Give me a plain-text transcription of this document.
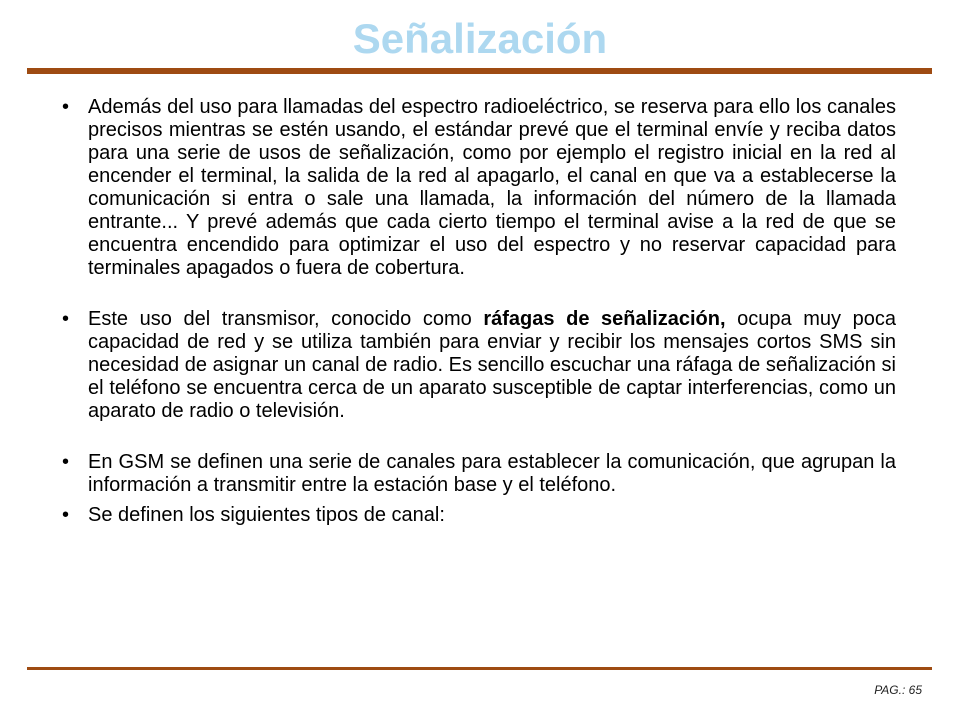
Señalización
• Además del uso para llamadas del espectro radioeléctrico, se reserva para ello los canales precisos mientras se estén usando, el estándar prevé que el terminal envíe y reciba datos para una serie de usos de señalización, como por ejemplo el registro inicial en la red al encender el terminal, la salida de la red al apagarlo, el canal en que va a establecerse la comunicación si entra o sale una llamada, la información del número de la llamada entrante... Y prevé además que cada cierto tiempo el terminal avise a la red de que se encuentra encendido para optimizar el uso del espectro y no reservar capacidad para terminales apagados o fuera de cobertura.
• Este uso del transmisor, conocido como ráfagas de señalización, ocupa muy poca capacidad de red y se utiliza también para enviar y recibir los mensajes cortos SMS sin necesidad de asignar un canal de radio. Es sencillo escuchar una ráfaga de señalización si el teléfono se encuentra cerca de un aparato susceptible de captar interferencias, como un aparato de radio o televisión.
• En GSM se definen una serie de canales para establecer la comunicación, que agrupan la información a transmitir entre la estación base y el teléfono.
• Se definen los siguientes tipos de canal:
PAG.: 65
